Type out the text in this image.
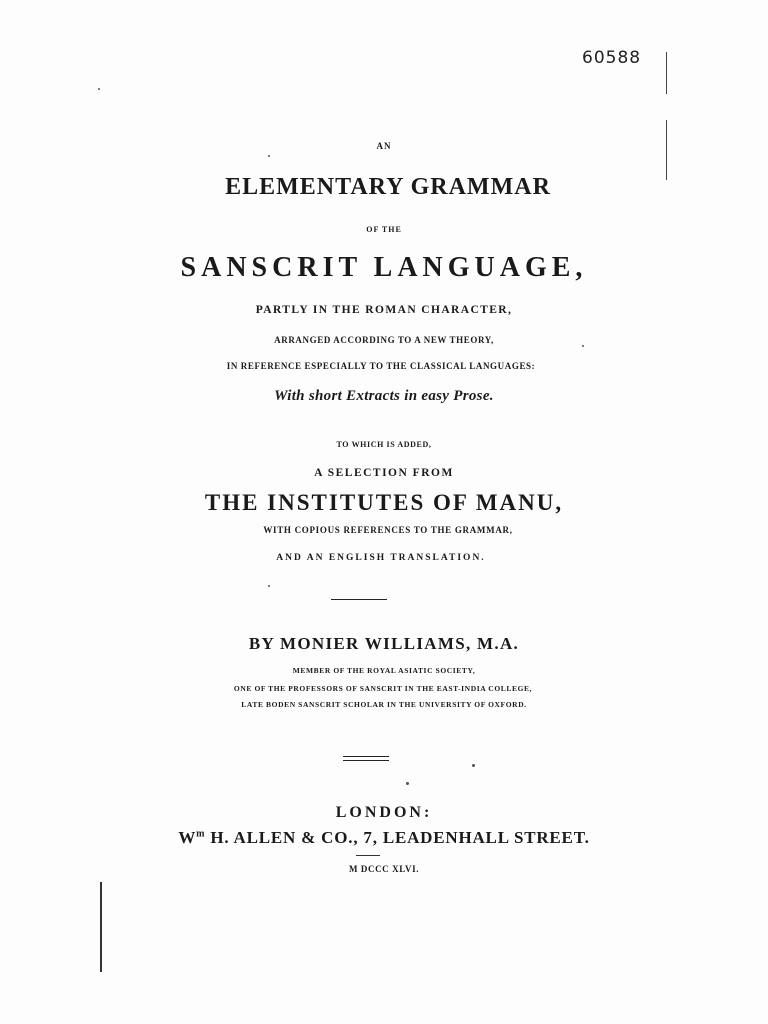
60588
AN
ELEMENTARY GRAMMAR
OF THE
SANSCRIT LANGUAGE,
PARTLY IN THE ROMAN CHARACTER,
ARRANGED ACCORDING TO A NEW THEORY,
IN REFERENCE ESPECIALLY TO THE CLASSICAL LANGUAGES:
With short Extracts in easy Prose.
TO WHICH IS ADDED,
A SELECTION FROM
THE INSTITUTES OF MANU,
WITH COPIOUS REFERENCES TO THE GRAMMAR,
AND AN ENGLISH TRANSLATION.
BY MONIER WILLIAMS, M.A.
MEMBER OF THE ROYAL ASIATIC SOCIETY,
ONE OF THE PROFESSORS OF SANSCRIT IN THE EAST-INDIA COLLEGE,
LATE BODEN SANSCRIT SCHOLAR IN THE UNIVERSITY OF OXFORD.
LONDON:
$W^m$ H. ALLEN & CO., 7, LEADENHALL STREET.
M DCCC XLVI.
